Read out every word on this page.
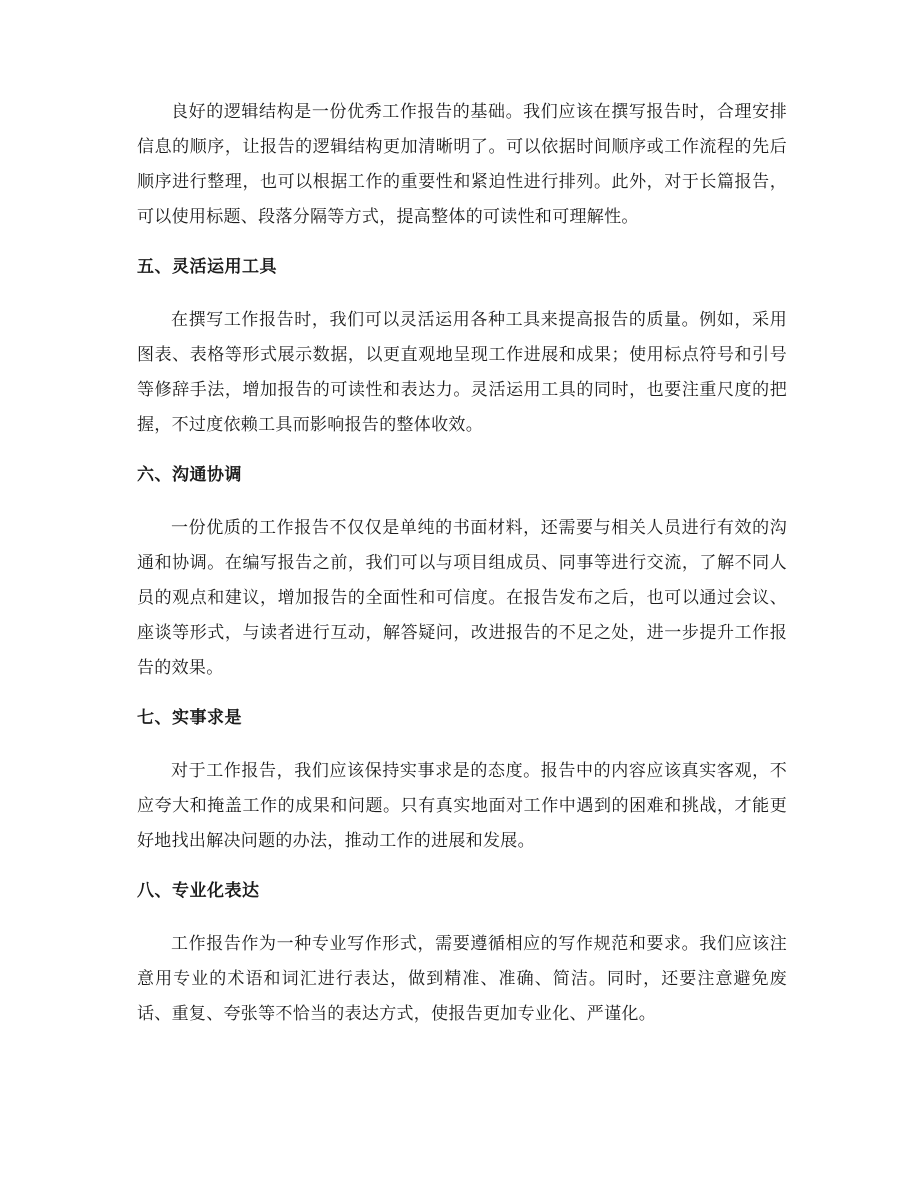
良好的逻辑结构是一份优秀工作报告的基础。我们应该在撰写报告时，合理安排信息的顺序，让报告的逻辑结构更加清晰明了。可以依据时间顺序或工作流程的先后顺序进行整理，也可以根据工作的重要性和紧迫性进行排列。此外，对于长篇报告，可以使用标题、段落分隔等方式，提高整体的可读性和可理解性。

五、灵活运用工具

在撰写工作报告时，我们可以灵活运用各种工具来提高报告的质量。例如，采用图表、表格等形式展示数据，以更直观地呈现工作进展和成果；使用标点符号和引号等修辞手法，增加报告的可读性和表达力。灵活运用工具的同时，也要注重尺度的把握，不过度依赖工具而影响报告的整体收效。

六、沟通协调

一份优质的工作报告不仅仅是单纯的书面材料，还需要与相关人员进行有效的沟通和协调。在编写报告之前，我们可以与项目组成员、同事等进行交流，了解不同人员的观点和建议，增加报告的全面性和可信度。在报告发布之后，也可以通过会议、座谈等形式，与读者进行互动，解答疑问，改进报告的不足之处，进一步提升工作报告的效果。

七、实事求是

对于工作报告，我们应该保持实事求是的态度。报告中的内容应该真实客观，不应夸大和掩盖工作的成果和问题。只有真实地面对工作中遇到的困难和挑战，才能更好地找出解决问题的办法，推动工作的进展和发展。

八、专业化表达

工作报告作为一种专业写作形式，需要遵循相应的写作规范和要求。我们应该注意用专业的术语和词汇进行表达，做到精准、准确、简洁。同时，还要注意避免废话、重复、夸张等不恰当的表达方式，使报告更加专业化、严谨化。
